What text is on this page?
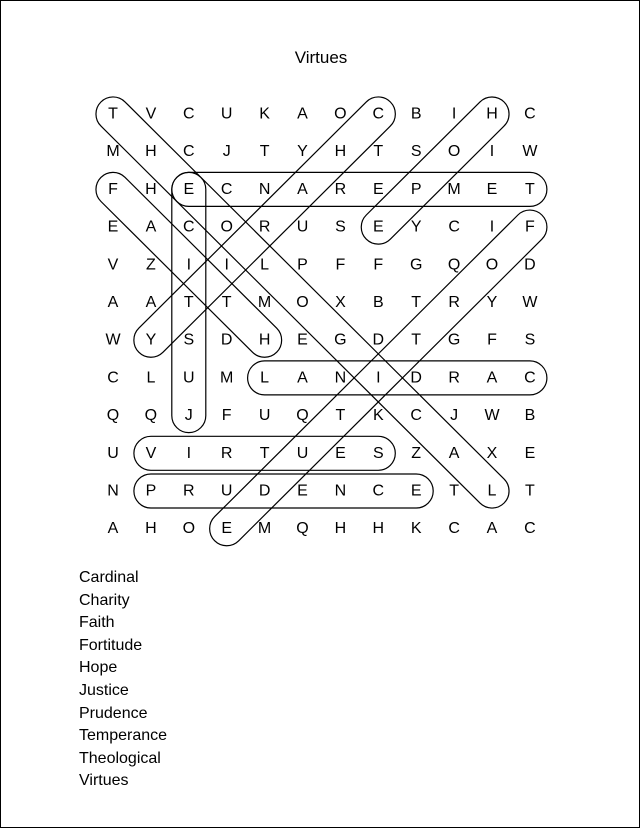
Virtues
T V C U K A O C B I H C
M H C J T Y H T S O I W
F H E C N A R E P M E T
E A C O R U S E Y C I F
V Z I I L P F F G Q O D
A A T T M O X B T R Y W
W Y S D H E G D T G F S
C L U M L A N I D R A C
Q Q J F U Q T K C J W B
U V I R T U E S Z A X E
N P R U D E N C E T L T
A H O E M Q H H K C A C
Cardinal
Charity
Faith
Fortitude
Hope
Justice
Prudence
Temperance
Theological
Virtues
